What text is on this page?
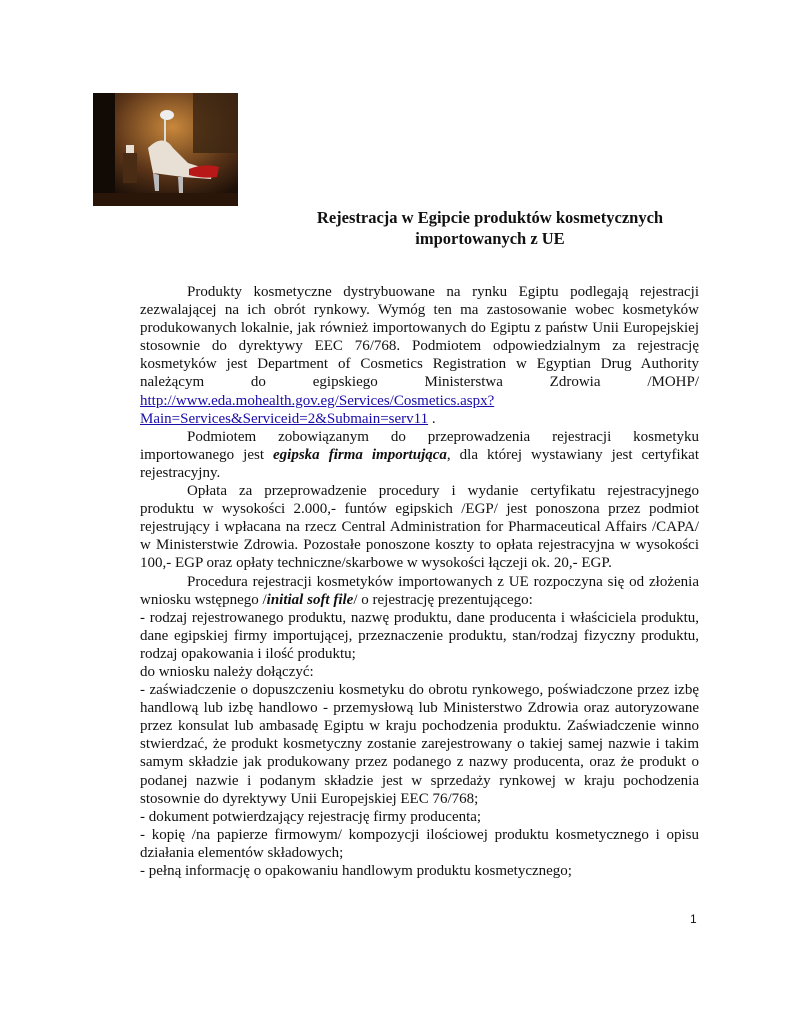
Rejestracja w Egipcie produktów kosmetycznych
importowanych z UE

Produkty kosmetyczne dystrybuowane na rynku Egiptu podlegają rejestracji zezwalającej na ich obrót rynkowy. Wymóg ten ma zastosowanie wobec kosmetyków produkowanych lokalnie, jak również importowanych do Egiptu z państw Unii Europejskiej stosownie do dyrektywy EEC 76/768. Podmiotem odpowiedzialnym za rejestrację kosmetyków jest Department of Cosmetics Registration w Egyptian Drug Authority należącym do egipskiego Ministerstwa Zdrowia /MOHP/ http://www.eda.mohealth.gov.eg/Services/Cosmetics.aspx?Main=Services&Serviceid=2&Submain=serv11 .

Podmiotem zobowiązanym do przeprowadzenia rejestracji kosmetyku importowanego jest egipska firma importująca, dla której wystawiany jest certyfikat rejestracyjny.

Opłata za przeprowadzenie procedury i wydanie certyfikatu rejestracyjnego produktu w wysokości 2.000,- funtów egipskich /EGP/ jest ponoszona przez podmiot rejestrujący i wpłacana na rzecz Central Administration for Pharmaceutical Affairs /CAPA/ w Ministerstwie Zdrowia. Pozostałe ponoszone koszty to opłata rejestracyjna w wysokości 100,- EGP oraz opłaty techniczne/skarbowe w wysokości łączeji ok. 20,- EGP.

Procedura rejestracji kosmetyków importowanych z UE rozpoczyna się od złożenia wniosku wstępnego /initial soft file/ o rejestrację prezentującego:

- rodzaj rejestrowanego produktu, nazwę produktu, dane producenta i właściciela produktu, dane egipskiej firmy importującej, przeznaczenie produktu, stan/rodzaj fizyczny produktu, rodzaj opakowania i ilość produktu;

do wniosku należy dołączyć:

- zaświadczenie o dopuszczeniu kosmetyku do obrotu rynkowego, poświadczone przez izbę handlową lub izbę handlowo - przemysłową lub Ministerstwo Zdrowia oraz autoryzowane przez konsulat lub ambasadę Egiptu w kraju pochodzenia produktu. Zaświadczenie winno stwierdzać, że produkt kosmetyczny zostanie zarejestrowany o takiej samej nazwie i takim samym składzie jak produkowany przez podanego z nazwy producenta, oraz że produkt o podanej nazwie i podanym składzie jest w sprzedaży rynkowej w kraju pochodzenia stosownie do dyrektywy Unii Europejskiej EEC 76/768;

- dokument potwierdzający rejestrację firmy producenta;

- kopię /na papierze firmowym/ kompozycji ilościowej produktu kosmetycznego i opisu działania elementów składowych;

- pełną informację o opakowaniu handlowym produktu kosmetycznego;

1
